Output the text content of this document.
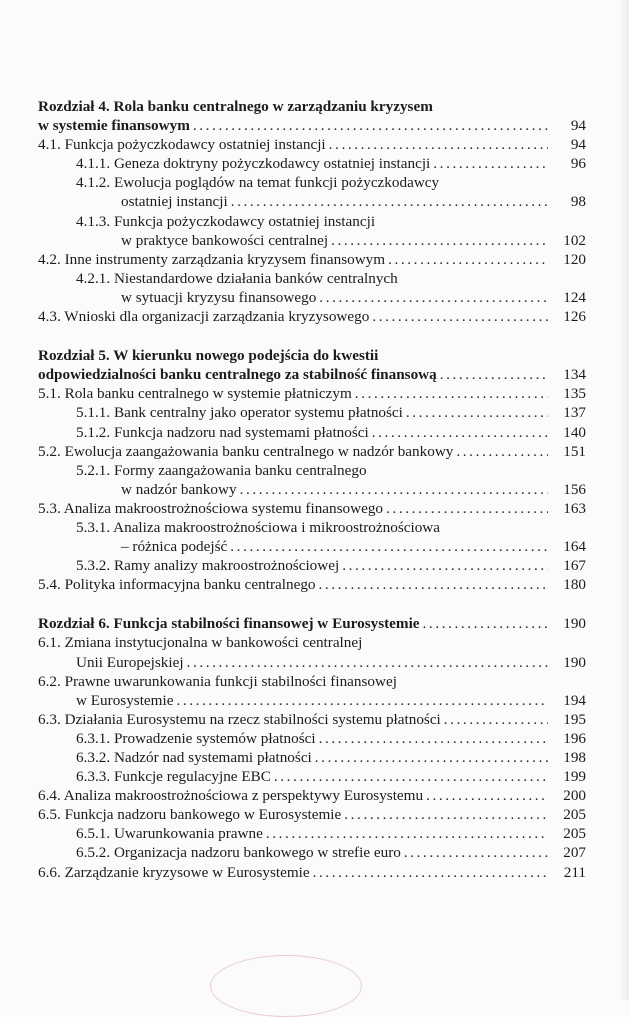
Rozdział 4. Rola banku centralnego w zarządzaniu kryzysem
w systemie finansowym . . .	94
4.1. Funkcja pożyczkodawcy ostatniej instancji . . .	94
4.1.1. Geneza doktryny pożyczkodawcy ostatniej instancji . . .	96
4.1.2. Ewolucja poglądów na temat funkcji pożyczkodawcy
ostatniej instancji . . .	98
4.1.3. Funkcja pożyczkodawcy ostatniej instancji
w praktyce bankowości centralnej . . .	102
4.2. Inne instrumenty zarządzania kryzysem finansowym . . .	120
4.2.1. Niestandardowe działania banków centralnych
w sytuacji kryzysu finansowego . . .	124
4.3. Wnioski dla organizacji zarządzania kryzysowego . . .	126
Rozdział 5. W kierunku nowego podejścia do kwestii
odpowiedzialności banku centralnego za stabilność finansową . . .	134
5.1. Rola banku centralnego w systemie płatniczym . . .	135
5.1.1. Bank centralny jako operator systemu płatności . . .	137
5.1.2. Funkcja nadzoru nad systemami płatności . . .	140
5.2. Ewolucja zaangażowania banku centralnego w nadzór bankowy . . .	151
5.2.1. Formy zaangażowania banku centralnego
w nadzór bankowy . . .	156
5.3. Analiza makroostrożnościowa systemu finansowego . . .	163
5.3.1. Analiza makroostrożnościowa i mikroostrożnościowa
– różnica podejść . . .	164
5.3.2. Ramy analizy makroostrożnościowej . . .	167
5.4. Polityka informacyjna banku centralnego . . .	180
Rozdział 6. Funkcja stabilności finansowej w Eurosystemie . . .	190
6.1. Zmiana instytucjonalna w bankowości centralnej
Unii Europejskiej . . .	190
6.2. Prawne uwarunkowania funkcji stabilności finansowej
w Eurosystemie . . .	194
6.3. Działania Eurosystemu na rzecz stabilności systemu płatności . . .	195
6.3.1. Prowadzenie systemów płatności . . .	196
6.3.2. Nadzór nad systemami płatności . . .	198
6.3.3. Funkcje regulacyjne EBC . . .	199
6.4. Analiza makroostrożnościowa z perspektywy Eurosystemu . . .	200
6.5. Funkcja nadzoru bankowego w Eurosystemie . . .	205
6.5.1. Uwarunkowania prawne . . .	205
6.5.2. Organizacja nadzoru bankowego w strefie euro . . .	207
6.6. Zarządzanie kryzysowe w Eurosystemie . . .	211
